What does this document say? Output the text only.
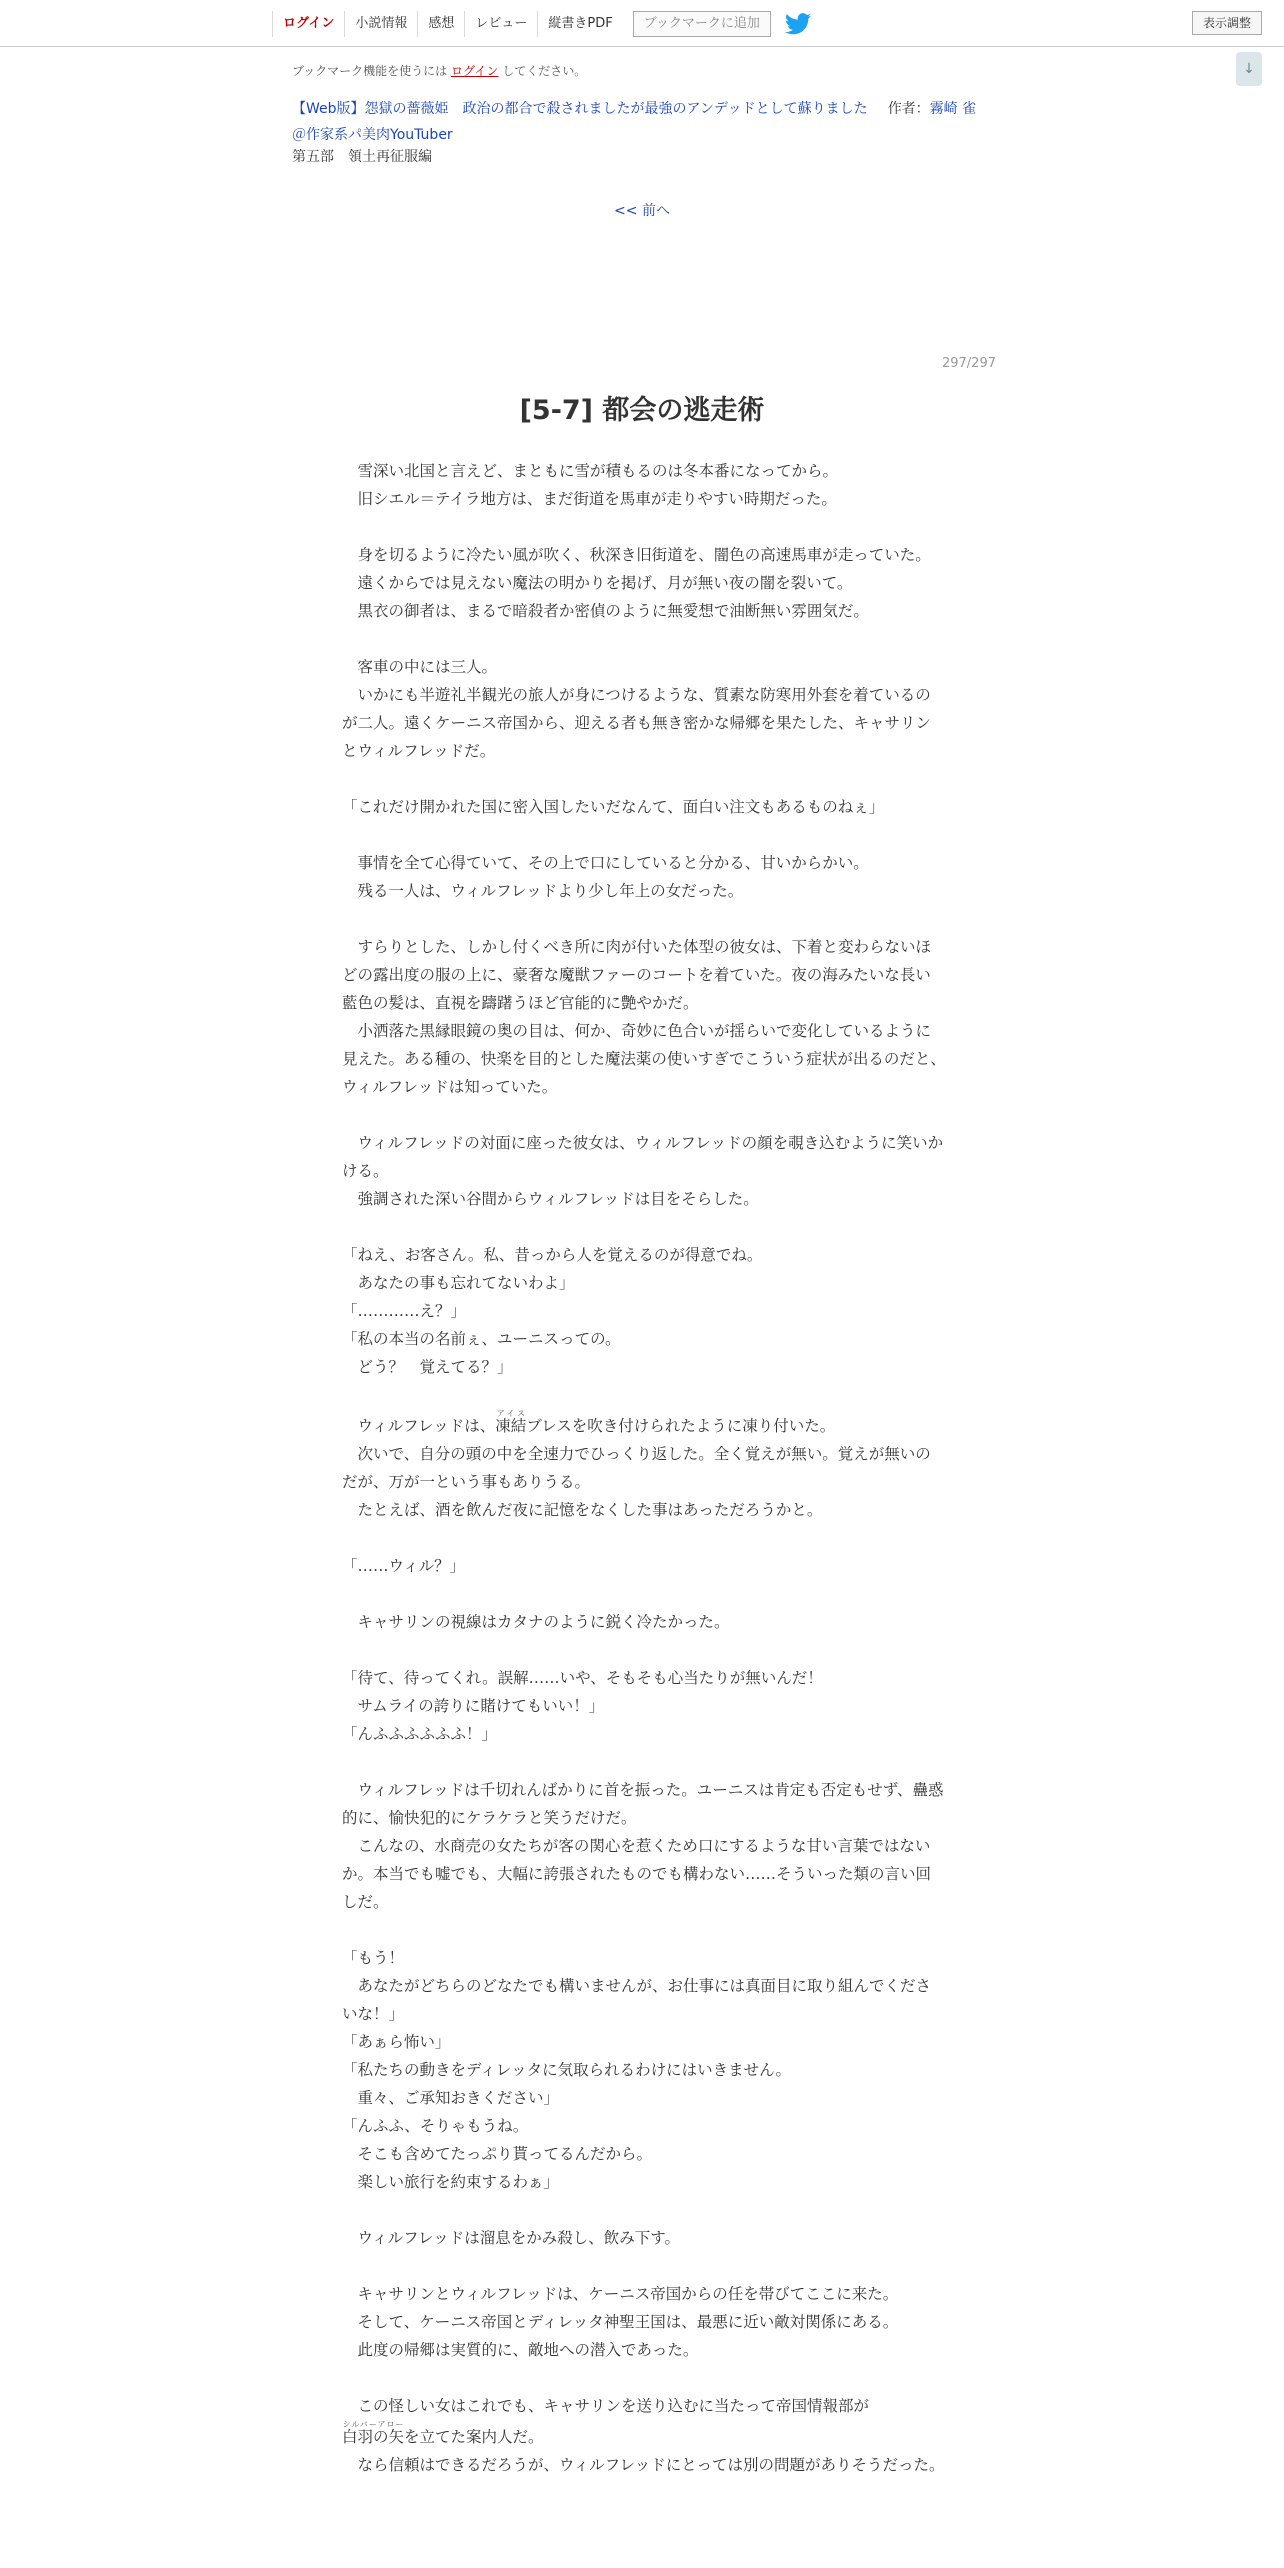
ログイン	小説情報	感想	レビュー	縦書きPDF	ブックマークに追加	表示調整
↓
ブックマーク機能を使うには ログイン してください。
【Web版】怨獄の薔薇姫　政治の都合で殺されましたが最強のアンデッドとして蘇りました 作者：霧崎 雀
＠作家系パ美肉YouTuber
第五部　領土再征服編
<< 前へ
297/297
[5-7] 都会の逃走術
　雪深い北国と言えど、まともに雪が積もるのは冬本番になってから。
　旧シエル＝テイラ地方は、まだ街道を馬車が走りやすい時期だった。
　身を切るように冷たい風が吹く、秋深き旧街道を、闇色の高速馬車が走っていた。
　遠くからでは見えない魔法の明かりを掲げ、月が無い夜の闇を裂いて。
　黒衣の御者は、まるで暗殺者か密偵のように無愛想で油断無い雰囲気だ。
　客車の中には三人。
　いかにも半遊礼半観光の旅人が身につけるような、質素な防寒用外套を着ているのが二人。遠くケーニス帝国から、迎える者も無き密かな帰郷を果たした、キャサリンとウィルフレッドだ。
「これだけ開かれた国に密入国したいだなんて、面白い注文もあるものねぇ」
　事情を全て心得ていて、その上で口にしていると分かる、甘いからかい。
　残る一人は、ウィルフレッドより少し年上の女だった。
　すらりとした、しかし付くべき所に肉が付いた体型の彼女は、下着と変わらないほどの露出度の服の上に、豪奢な魔獣ファーのコートを着ていた。夜の海みたいな長い藍色の髪は、直視を躊躇うほど官能的に艶やかだ。
　小洒落た黒縁眼鏡の奥の目は、何か、奇妙に色合いが揺らいで変化しているように見えた。ある種の、快楽を目的とした魔法薬の使いすぎでこういう症状が出るのだと、ウィルフレッドは知っていた。
　ウィルフレッドの対面に座った彼女は、ウィルフレッドの顔を覗き込むように笑いかける。
　強調された深い谷間からウィルフレッドは目をそらした。
「ねえ、お客さん。私、昔っから人を覚えるのが得意でね。
　あなたの事も忘れてないわよ」
「…………え？」
「私の本当の名前ぇ、ユーニスっての。
　どう？　覚えてる？」
　ウィルフレッドは、凍結アイスブレスを吹き付けられたように凍り付いた。
　次いで、自分の頭の中を全速力でひっくり返した。全く覚えが無い。覚えが無いのだが、万が一という事もありうる。
　たとえば、酒を飲んだ夜に記憶をなくした事はあっただろうかと。
「……ウィル？」
　キャサリンの視線はカタナのように鋭く冷たかった。
「待て、待ってくれ。誤解……いや、そもそも心当たりが無いんだ！
　サムライの誇りに賭けてもいい！」
「んふふふふふふ！」
　ウィルフレッドは千切れんばかりに首を振った。ユーニスは肯定も否定もせず、蠱惑的に、愉快犯的にケラケラと笑うだけだ。
　こんなの、水商売の女たちが客の関心を惹くため口にするような甘い言葉ではないか。本当でも嘘でも、大幅に誇張されたものでも構わない……そういった類の言い回しだ。
「もう！
　あなたがどちらのどなたでも構いませんが、お仕事には真面目に取り組んでくださいな！」
「あぁら怖い」
「私たちの動きをディレッタに気取られるわけにはいきません。
　重々、ご承知おきください」
「んふふ、そりゃもうね。
　そこも含めてたっぷり貰ってるんだから。
　楽しい旅行を約束するわぁ」
　ウィルフレッドは溜息をかみ殺し、飲み下す。
　キャサリンとウィルフレッドは、ケーニス帝国からの任を帯びてここに来た。
　そして、ケーニス帝国とディレッタ神聖王国は、最悪に近い敵対関係にある。
　此度の帰郷は実質的に、敵地への潜入であった。
　この怪しい女はこれでも、キャサリンを送り込むに当たって帝国情報部が
白羽の矢シルバーアローを立てた案内人だ。
　なら信頼はできるだろうが、ウィルフレッドにとっては別の問題がありそうだった。
